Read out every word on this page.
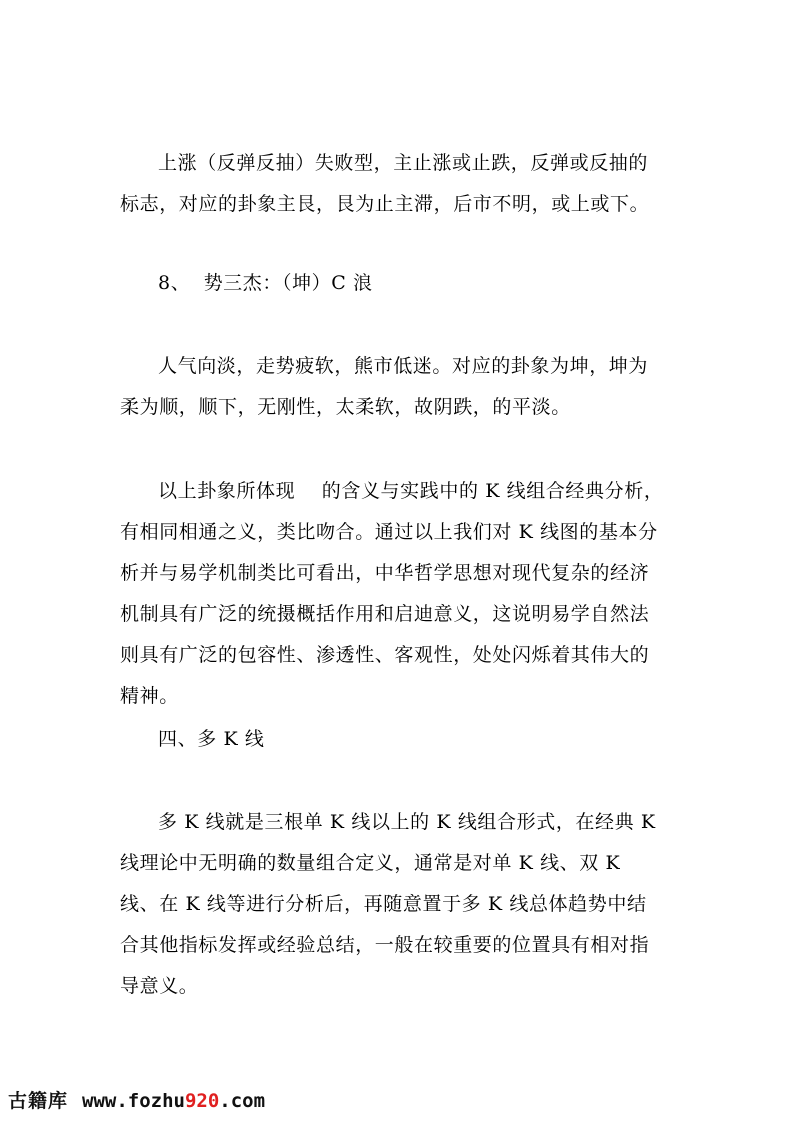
上涨（反弹反抽）失败型，主止涨或止跌，反弹或反抽的标志，对应的卦象主艮，艮为止主滞，后市不明，或上或下。

8、  势三杰：（坤）C 浪

人气向淡，走势疲软，熊市低迷。对应的卦象为坤，坤为柔为顺，顺下，无刚性，太柔软，故阴跌，的平淡。

以上卦象所体现    的含义与实践中的 K 线组合经典分析，有相同相通之义，类比吻合。通过以上我们对 K 线图的基本分析并与易学机制类比可看出，中华哲学思想对现代复杂的经济机制具有广泛的统摄概括作用和启迪意义，这说明易学自然法则具有广泛的包容性、渗透性、客观性，处处闪烁着其伟大的精神。

四、多 K 线

多 K 线就是三根单 K 线以上的 K 线组合形式，在经典 K 线理论中无明确的数量组合定义，通常是对单 K 线、双 K 线、在 K 线等进行分析后，再随意置于多 K 线总体趋势中结合其他指标发挥或经验总结，一般在较重要的位置具有相对指导意义。

古籍库 www.fozhu 920 .com
